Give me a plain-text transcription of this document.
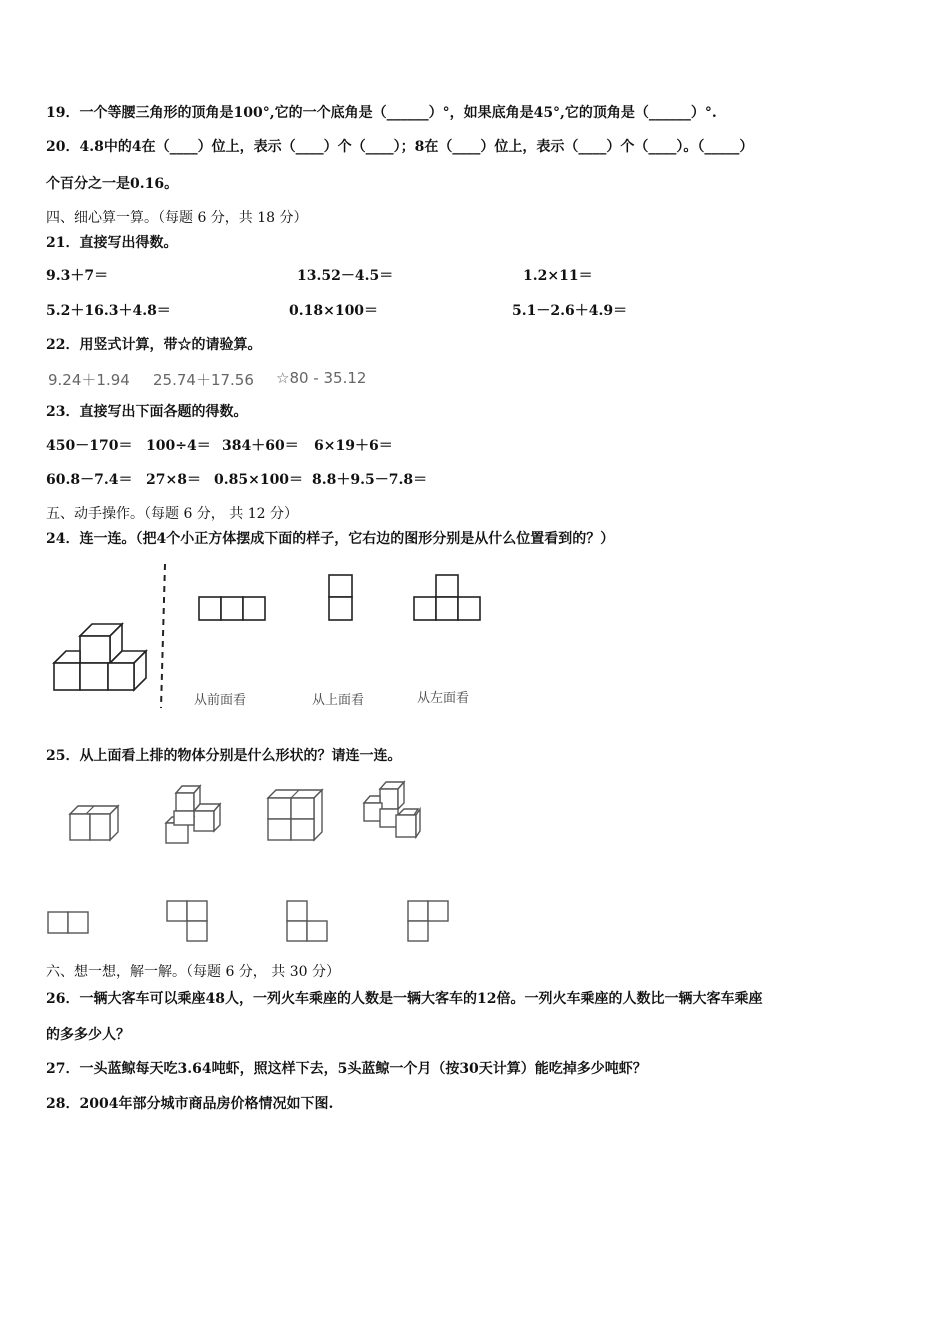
19．一个等腰三角形的顶角是100°,它的一个底角是（______）°，如果底角是45°,它的顶角是（______）°.
20．4.8中的4在（____）位上，表示（____）个（____）；8在（____）位上，表示（____）个（____）。（_____）
个百分之一是0.16。
四、细心算一算。（每题 6 分，共 18 分）
21．直接写出得数。
9.3＋7＝	13.52－4.5＝	1.2×11＝
5.2＋16.3＋4.8＝	0.18×100＝	5.1－2.6＋4.9＝
22．用竖式计算，带☆的请验算。
9.24＋1.94 25.74＋17.56 ☆80 - 35.12
23．直接写出下面各题的得数。
450－170＝ 100÷4＝ 384＋60＝ 6×19＋6＝
60.8－7.4＝ 27×8＝ 0.85×100＝ 8.8＋9.5－7.8＝
五、动手操作。（每题 6 分， 共 12 分）
24．连一连。（把4个小正方体摆成下面的样子，它右边的图形分别是从什么位置看到的？）
从前面看	从上面看	从左面看
25．从上面看上排的物体分别是什么形状的？请连一连。
六、想一想，解一解。（每题 6 分， 共 30 分）
26．一辆大客车可以乘座48人，一列火车乘座的人数是一辆大客车的12倍。一列火车乘座的人数比一辆大客车乘座
的多多少人？
27．一头蓝鲸每天吃3.64吨虾，照这样下去，5头蓝鲸一个月（按30天计算）能吃掉多少吨虾？
28．2004年部分城市商品房价格情况如下图.
